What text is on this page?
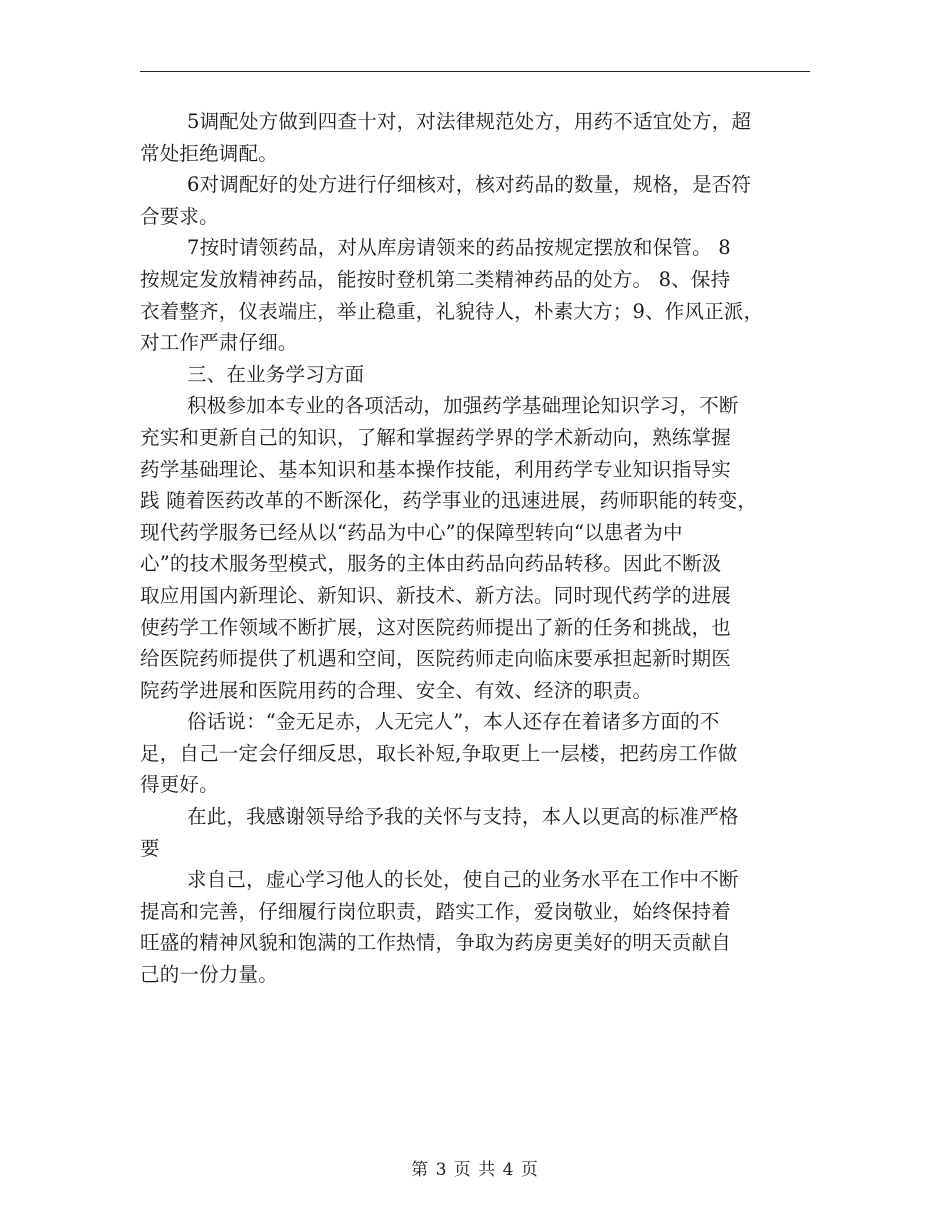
5调配处方做到四查十对，对法律规范处方，用药不适宜处方，超
常处拒绝调配。
6对调配好的处方进行仔细核对，核对药品的数量，规格，是否符
合要求。
7按时请领药品，对从库房请领来的药品按规定摆放和保管。 8
按规定发放精神药品，能按时登机第二类精神药品的处方。 8、保持
衣着整齐，仪表端庄，举止稳重，礼貌待人，朴素大方；9、作风正派，
对工作严肃仔细。
三、在业务学习方面
积极参加本专业的各项活动，加强药学基础理论知识学习，不断
充实和更新自己的知识，了解和掌握药学界的学术新动向，熟练掌握
药学基础理论、基本知识和基本操作技能，利用药学专业知识指导实
践 随着医药改革的不断深化，药学事业的迅速进展，药师职能的转变，
现代药学服务已经从以“药品为中心”的保障型转向“以患者为中
心”的技术服务型模式，服务的主体由药品向药品转移。因此不断汲
取应用国内新理论、新知识、新技术、新方法。同时现代药学的进展
使药学工作领域不断扩展，这对医院药师提出了新的任务和挑战，也
给医院药师提供了机遇和空间，医院药师走向临床要承担起新时期医
院药学进展和医院用药的合理、安全、有效、经济的职责。
俗话说：“金无足赤，人无完人”，本人还存在着诸多方面的不
足，自己一定会仔细反思，取长补短,争取更上一层楼，把药房工作做
得更好。
在此，我感谢领导给予我的关怀与支持，本人以更高的标准严格
要
求自己，虚心学习他人的长处，使自己的业务水平在工作中不断
提高和完善，仔细履行岗位职责，踏实工作，爱岗敬业，始终保持着
旺盛的精神风貌和饱满的工作热情，争取为药房更美好的明天贡献自
己的一份力量。
第 3 页 共 4 页
